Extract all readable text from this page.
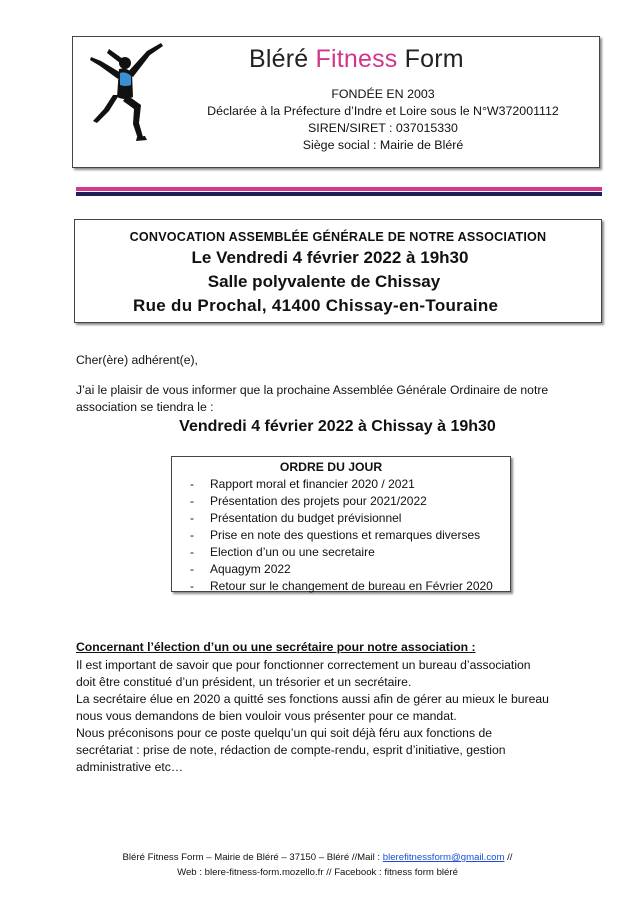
Bléré Fitness Form
FONDÉE EN 2003
Déclarée à la Préfecture d’Indre et Loire sous le N°W372001112
SIREN/SIRET : 037015330
Siège social : Mairie de Bléré
CONVOCATION ASSEMBLÉE GÉNÉRALE DE NOTRE ASSOCIATION
Le Vendredi 4 février 2022 à 19h30
Salle polyvalente de Chissay
Rue du Prochal, 41400 Chissay-en-Touraine
Cher(ère) adhérent(e),
J’ai le plaisir de vous informer que la prochaine Assemblée Générale Ordinaire de notre
association se tiendra le :
Vendredi 4 février 2022 à Chissay à 19h30
ORDRE DU JOUR
- Rapport moral et financier 2020 / 2021
- Présentation des projets pour 2021/2022
- Présentation du budget prévisionnel
- Prise en note des questions et remarques diverses
- Election d’un ou une secretaire
- Aquagym 2022
- Retour sur le changement de bureau en Février 2020
Concernant l’élection d’un ou une secrétaire pour notre association :

Il est important de savoir que pour fonctionner correctement un bureau d’association

doit être constitué d’un président, un trésorier et un secrétaire.

La secrétaire élue en 2020 a quitté ses fonctions aussi afin de gérer au mieux le bureau

nous vous demandons de bien vouloir vous présenter pour ce mandat.

Nous préconisons pour ce poste quelqu’un qui soit déjà féru aux fonctions de

secrétariat : prise de note, rédaction de compte-rendu, esprit d’initiative, gestion

administrative etc…

Bléré Fitness Form – Mairie de Bléré – 37150 – Bléré //Mail : blerefitnessform@gmail.com //
Web : blere-fitness-form.mozello.fr // Facebook : fitness form bléré
